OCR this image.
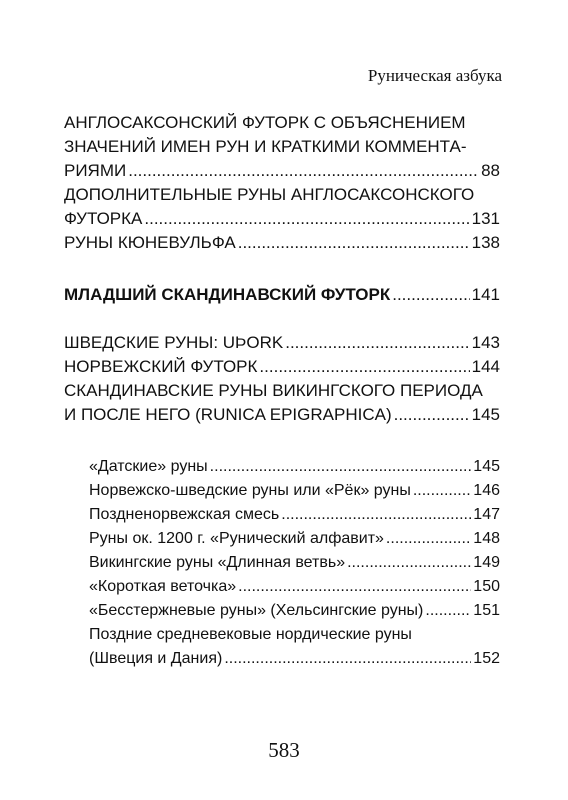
Руническая азбука
АНГЛОСАКСОНСКИЙ ФУТОРК С ОБЪЯСНЕНИЕМ
ЗНАЧЕНИЙ ИМЕН РУН И КРАТКИМИ КОММЕНТА-
РИЯМИ .....	88
ДОПОЛНИТЕЛЬНЫЕ РУНЫ АНГЛОСАКСОНСКОГО
ФУТОРКА .....	131
РУНЫ КЮНЕВУЛЬФА .....	138
МЛАДШИЙ СКАНДИНАВСКИЙ ФУТОРК .....	141
ШВЕДСКИЕ РУНЫ: UÞORK .....	143
НОРВЕЖСКИЙ ФУТОРК .....	144
СКАНДИНАВСКИЕ РУНЫ ВИКИНГСКОГО ПЕРИОДА
И ПОСЛЕ НЕГО (RUNICA EPIGRAPHICA) .....	145
«Датские» руны .....	145
Норвежско-шведские руны или «Рёк» руны .....	146
Поздненорвежская смесь .....	147
Руны ок. 1200 г. «Рунический алфавит» .....	148
Викингские руны «Длинная ветвь» .....	149
«Короткая веточка» .....	150
«Бесстержневые руны» (Хельсингские руны) .....	151
Поздние средневековые нордические руны
(Швеция и Дания) .....	152
583
